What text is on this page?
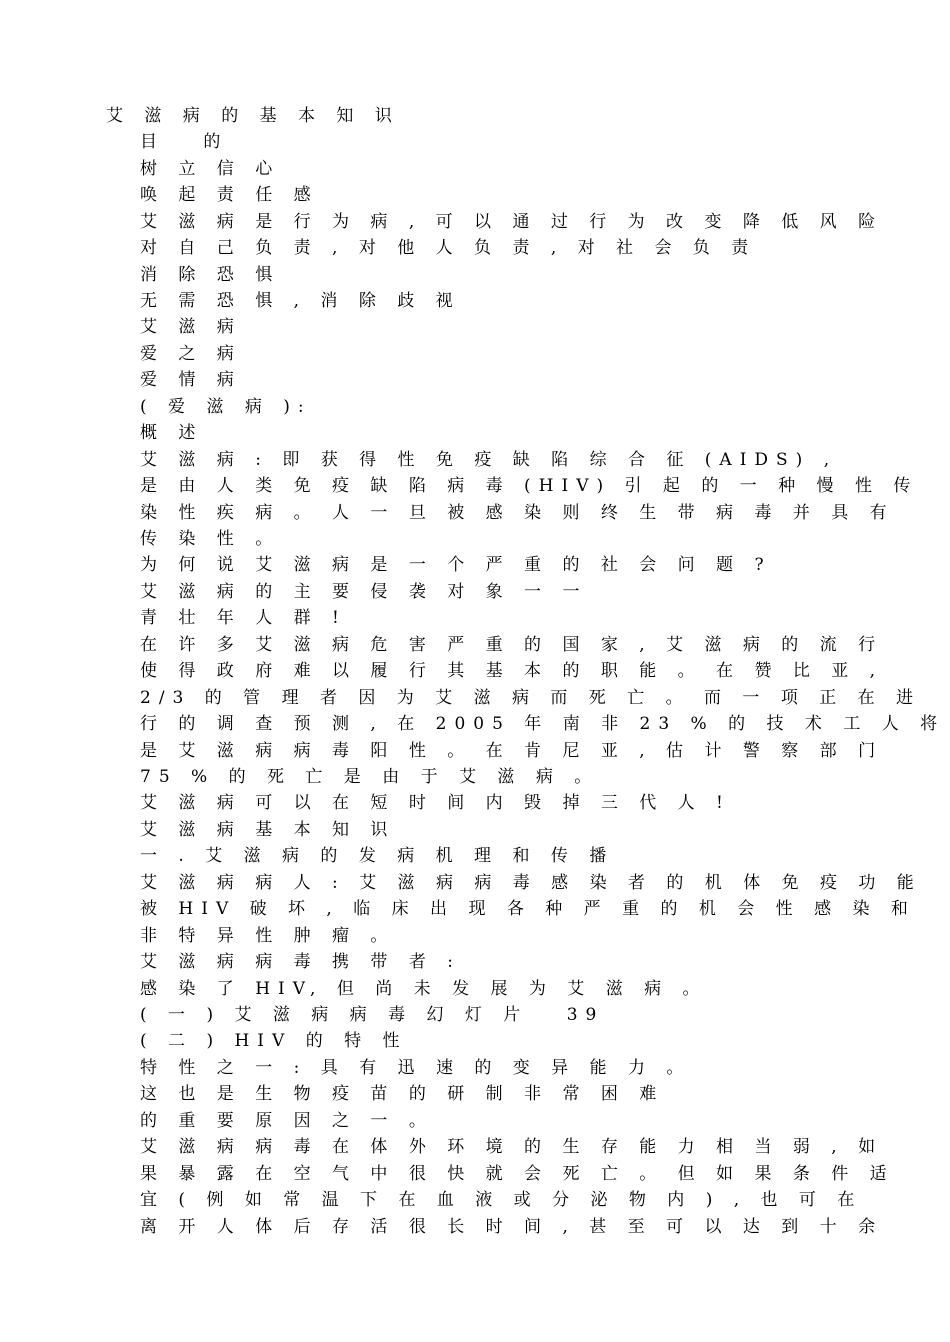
艾 滋 病 的 基 本 知 识
目　 的
树 立 信 心
唤 起 责 任 感
艾 滋 病 是 行 为 病 , 可 以 通 过 行 为 改 变 降 低 风 险
对 自 己 负 责 , 对 他 人 负 责 , 对 社 会 负 责
消 除 恐 惧
无 需 恐 惧 , 消 除 歧 视
艾 滋 病
爱 之 病
爱 情 病
( 爱 滋 病 ):
概 述
艾 滋 病 : 即 获 得 性 免 疫 缺 陷 综 合 征 (AIDS) ,
是 由 人 类 免 疫 缺 陷 病 毒 (HIV) 引 起 的 一 种 慢 性 传
染 性 疾 病 。 人 一 旦 被 感 染 则 终 生 带 病 毒 并 具 有
传 染 性 。
为 何 说 艾 滋 病 是 一 个 严 重 的 社 会 问 题 ?
艾 滋 病 的 主 要 侵 袭 对 象 一 一
青 壮 年 人 群 !
在 许 多 艾 滋 病 危 害 严 重 的 国 家 , 艾 滋 病 的 流 行
使 得 政 府 难 以 履 行 其 基 本 的 职 能 。 在 赞 比 亚 ,
2/3 的 管 理 者 因 为 艾 滋 病 而 死 亡 。 而 一 项 正 在 进
行 的 调 查 预 测 , 在 2005 年 南 非 23 % 的 技 术 工 人 将
是 艾 滋 病 病 毒 阳 性 。 在 肯 尼 亚 , 估 计 警 察 部 门
75 % 的 死 亡 是 由 于 艾 滋 病 。
艾 滋 病 可 以 在 短 时 间 内 毁 掉 三 代 人 !
艾 滋 病 基 本 知 识
一 . 艾 滋 病 的 发 病 机 理 和 传 播
艾 滋 病 病 人 : 艾 滋 病 病 毒 感 染 者 的 机 体 免 疫 功 能
被 HIV 破 坏 , 临 床 出 现 各 种 严 重 的 机 会 性 感 染 和
非 特 异 性 肿 瘤 。
艾 滋 病 病 毒 携 带 者 :
感 染 了 HIV, 但 尚 未 发 展 为 艾 滋 病 。
( 一 ) 艾 滋 病 病 毒 幻 灯 片　 39
( 二 ) HIV 的 特 性
特 性 之 一 : 具 有 迅 速 的 变 异 能 力 。
这 也 是 生 物 疫 苗 的 研 制 非 常 困 难
的 重 要 原 因 之 一 。
艾 滋 病 病 毒 在 体 外 环 境 的 生 存 能 力 相 当 弱 , 如
果 暴 露 在 空 气 中 很 快 就 会 死 亡 。 但 如 果 条 件 适
宜 ( 例 如 常 温 下 在 血 液 或 分 泌 物 内 ) , 也 可 在
离 开 人 体 后 存 活 很 长 时 间 , 甚 至 可 以 达 到 十 余
